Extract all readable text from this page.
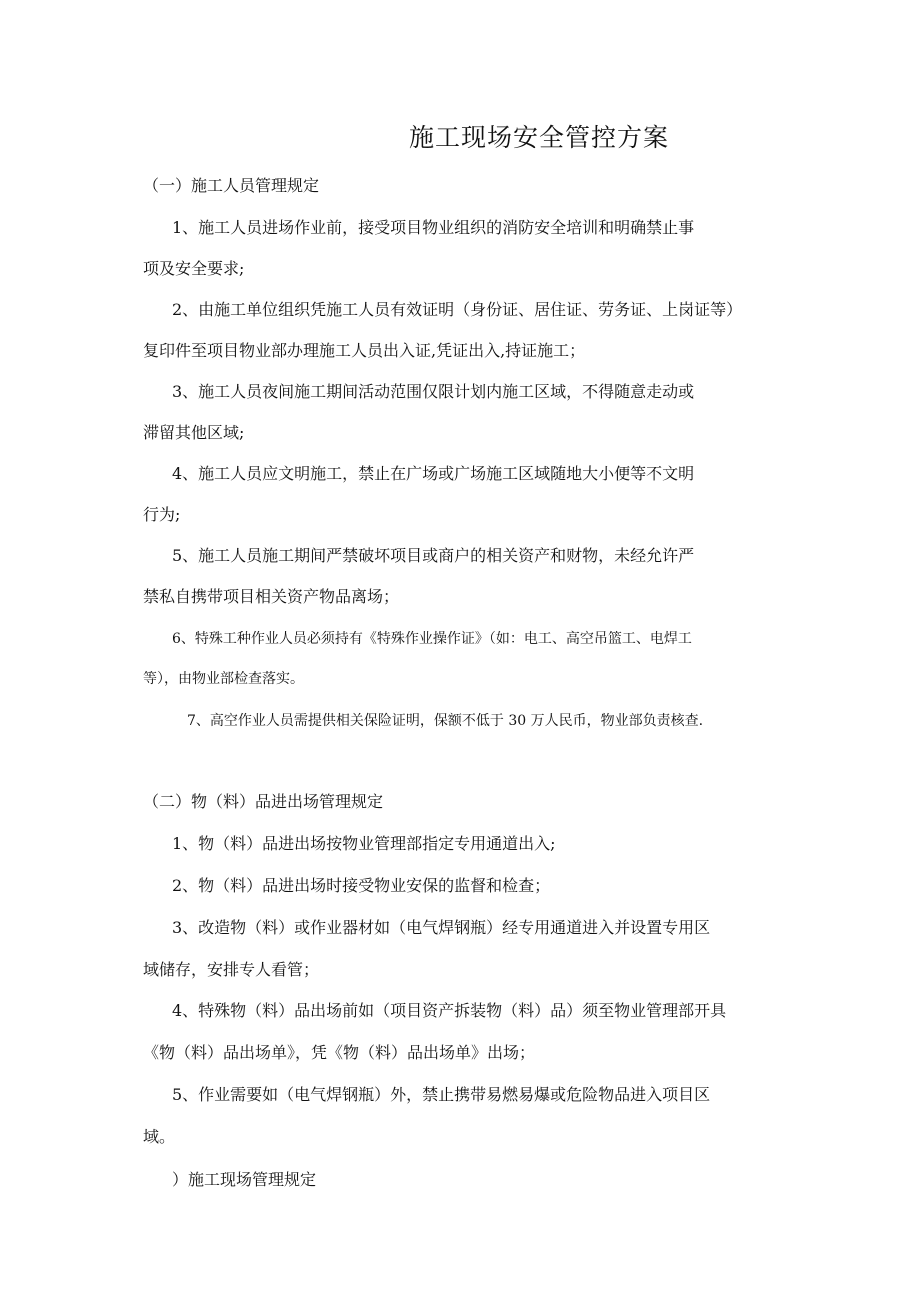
施工现场安全管控方案
（一）施工人员管理规定
1、施工人员进场作业前，接受项目物业组织的消防安全培训和明确禁止事
项及安全要求;
2、由施工单位组织凭施工人员有效证明（身份证、居住证、劳务证、上岗证等）
复印件至项目物业部办理施工人员出入证,凭证出入,持证施工；
3、施工人员夜间施工期间活动范围仅限计划内施工区域，不得随意走动或
滞留其他区域;
4、施工人员应文明施工，禁止在广场或广场施工区域随地大小便等不文明
行为;
5、施工人员施工期间严禁破坏项目或商户的相关资产和财物，未经允许严
禁私自携带项目相关资产物品离场；
6、特殊工种作业人员必须持有《特殊作业操作证》（如：电工、高空吊篮工、电焊工
等），由物业部检查落实。
7、高空作业人员需提供相关保险证明，保额不低于 30 万人民币，物业部负责核查.
（二）物（料）品进出场管理规定
1、物（料）品进出场按物业管理部指定专用通道出入;
2、物（料）品进出场时接受物业安保的监督和检查；
3、改造物（料）或作业器材如（电气焊钢瓶）经专用通道进入并设置专用区
域储存，安排专人看管；
4、特殊物（料）品出场前如（项目资产拆装物（料）品）须至物业管理部开具
《物（料）品出场单》，凭《物（料）品出场单》出场；
5、作业需要如（电气焊钢瓶）外，禁止携带易燃易爆或危险物品进入项目区
域。
）施工现场管理规定
